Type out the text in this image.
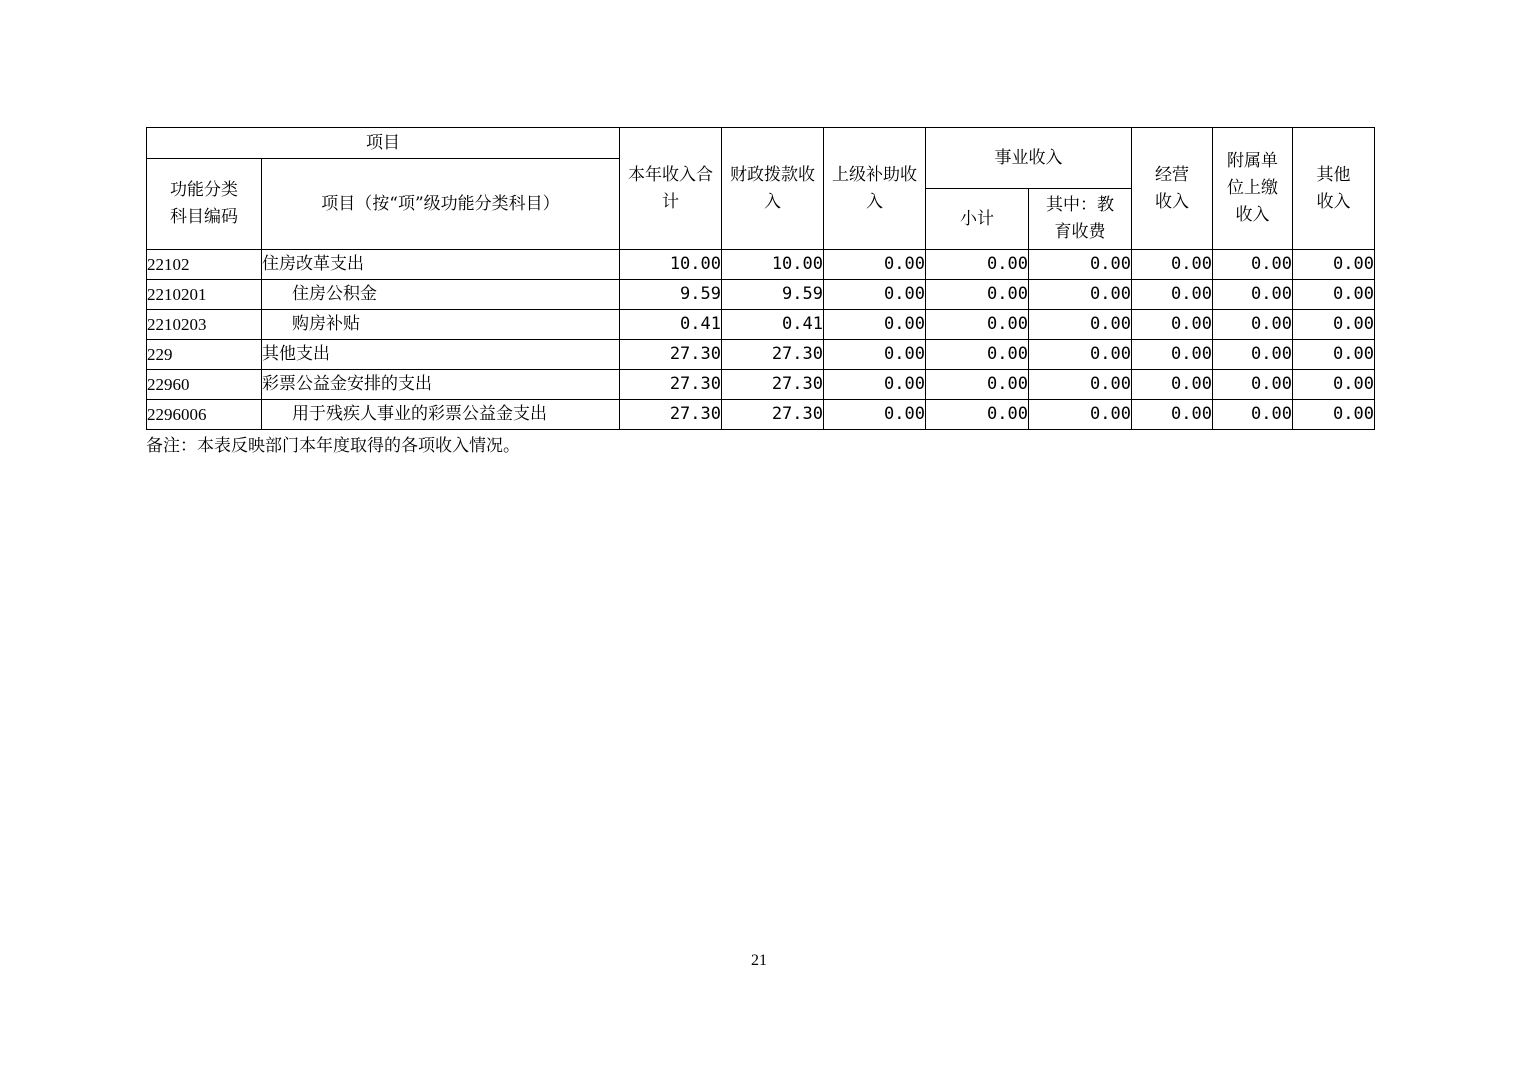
项目		本年收入合计	财政拨款收入	上级补助收入	事业收入		经营收入	附属单位上缴收入	其他收入
功能分类科目编码	项目（按“项”级功能分类科目）								
					小计	其中：教育收费			
22102	住房改革支出	10.00	10.00	0.00	0.00	0.00	0.00	0.00	0.00
2210201	住房公积金	9.59	9.59	0.00	0.00	0.00	0.00	0.00	0.00
2210203	购房补贴	0.41	0.41	0.00	0.00	0.00	0.00	0.00	0.00
229	其他支出	27.30	27.30	0.00	0.00	0.00	0.00	0.00	0.00
22960	彩票公益金安排的支出	27.30	27.30	0.00	0.00	0.00	0.00	0.00	0.00
2296006	用于残疾人事业的彩票公益金支出	27.30	27.30	0.00	0.00	0.00	0.00	0.00	0.00
备注：本表反映部门本年度取得的各项收入情况。
21
